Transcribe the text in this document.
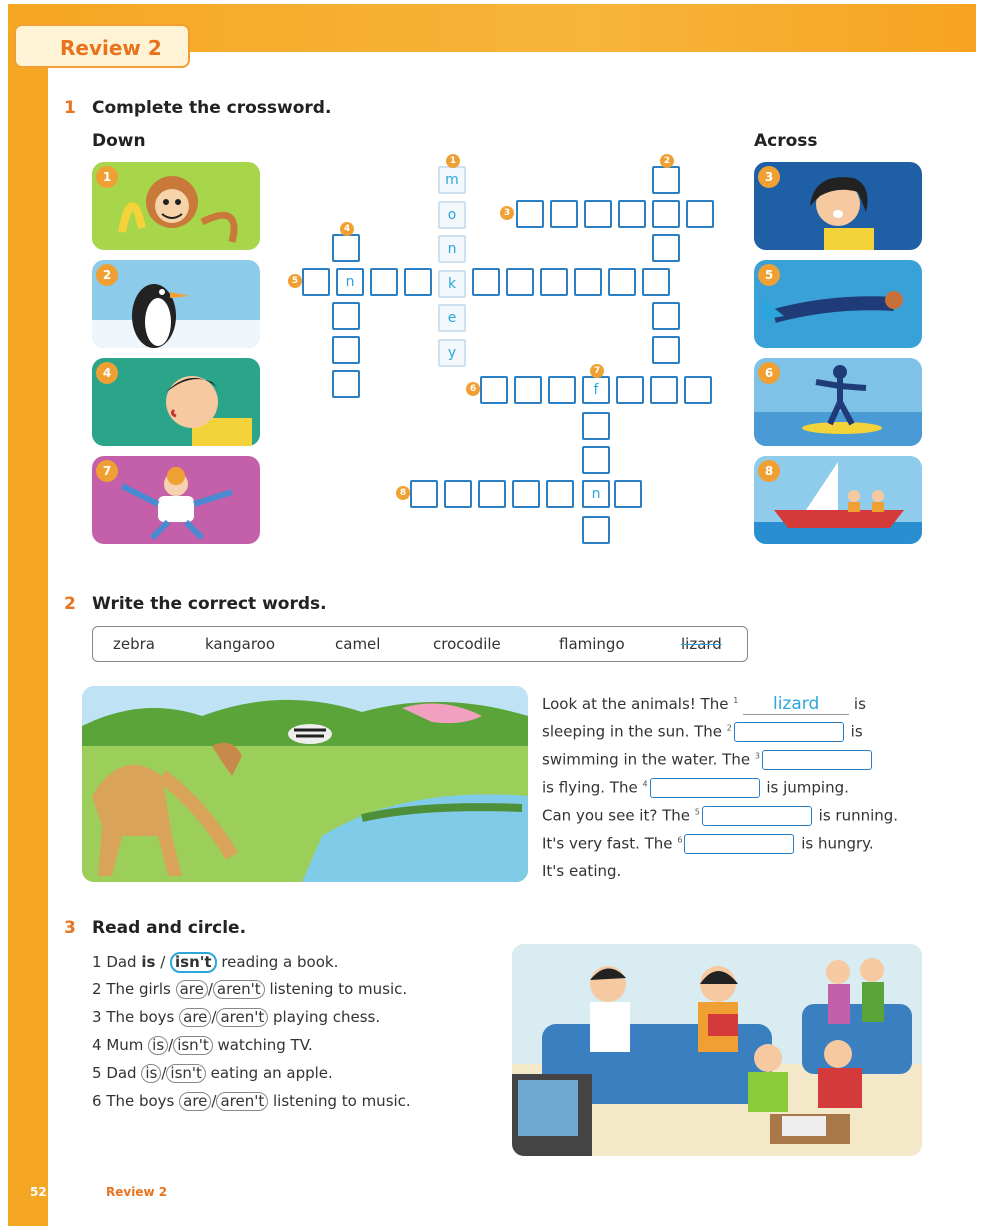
Review 2
1 Complete the crossword.
Down	Across
1
2
4
7
3
5
6
8
m
o
n
k
e
y
n
f
n
1	2
3
4
5
6
7
8
2 Write the correct words.
zebra	kangaroo	camel	crocodile	flamingo	lizard
Look at the animals! The $^1$ lizard is
sleeping in the sun. The $^2$	is
swimming in the water. The $^3$
is flying. The $^4$	is jumping.
Can you see it? The $^5$	is running.
It's very fast. The $^6$	is hungry.
It's eating.
3 Read and circle.
1 Dad is / isn't reading a book.
2 The girls are / aren't listening to music.
3 The boys are / aren't playing chess.
4 Mum is / isn't watching TV.
5 Dad is / isn't eating an apple.
6 The boys are / aren't listening to music.
52	Review 2
